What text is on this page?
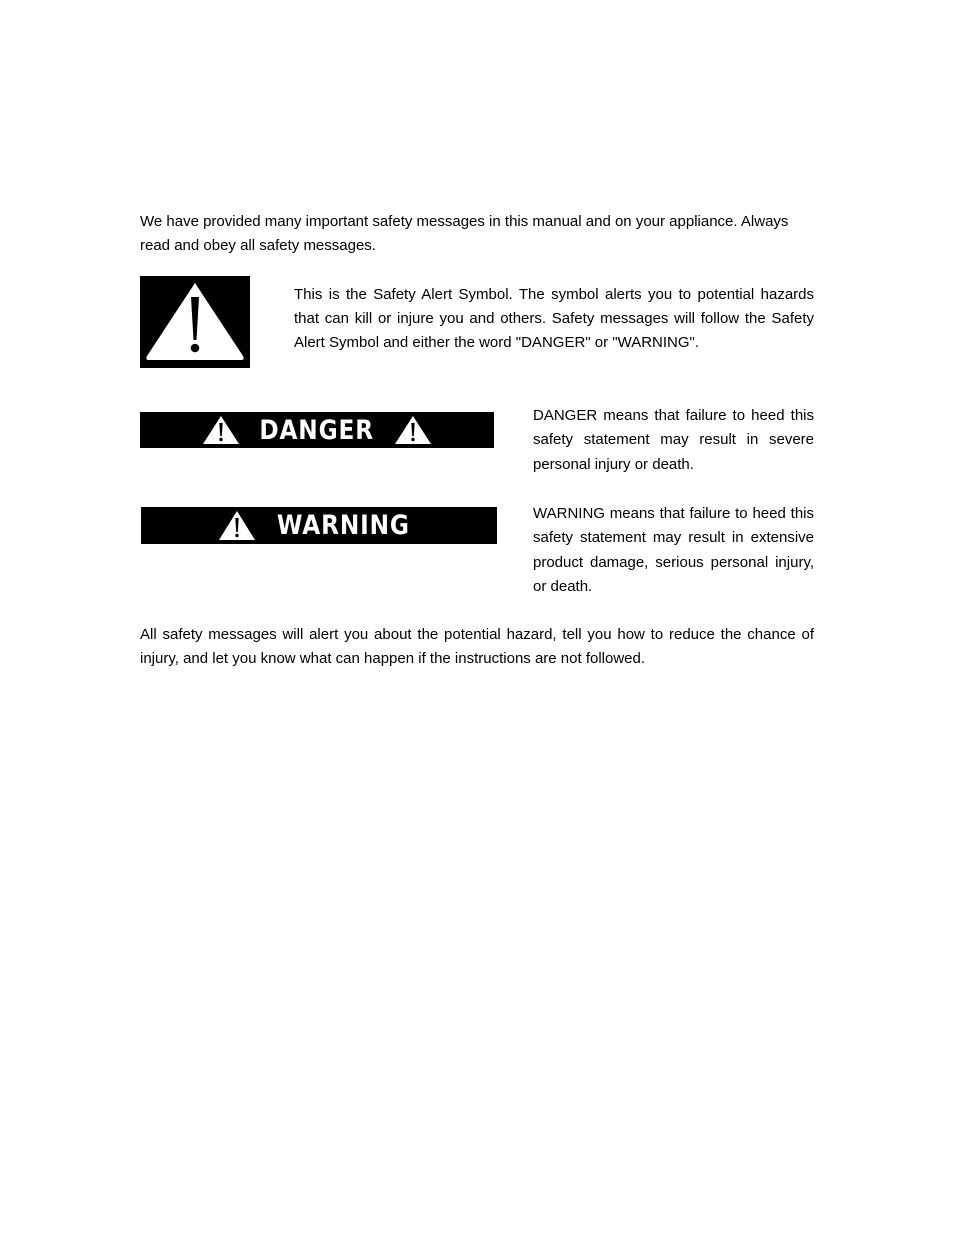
We have provided many important safety messages in this manual and on your appliance. Always read and obey all safety messages.

This is the Safety Alert Symbol. The symbol alerts you to potential hazards that can kill or injure you and others. Safety messages will follow the Safety Alert Symbol and either the word "DANGER" or "WARNING".

DANGER	DANGER means that failure to heed this safety statement may result in severe personal injury or death.

WARNING	WARNING means that failure to heed this safety statement may result in extensive product damage, serious personal injury, or death.

All safety messages will alert you about the potential hazard, tell you how to reduce the chance of injury, and let you know what can happen if the instructions are not followed.
